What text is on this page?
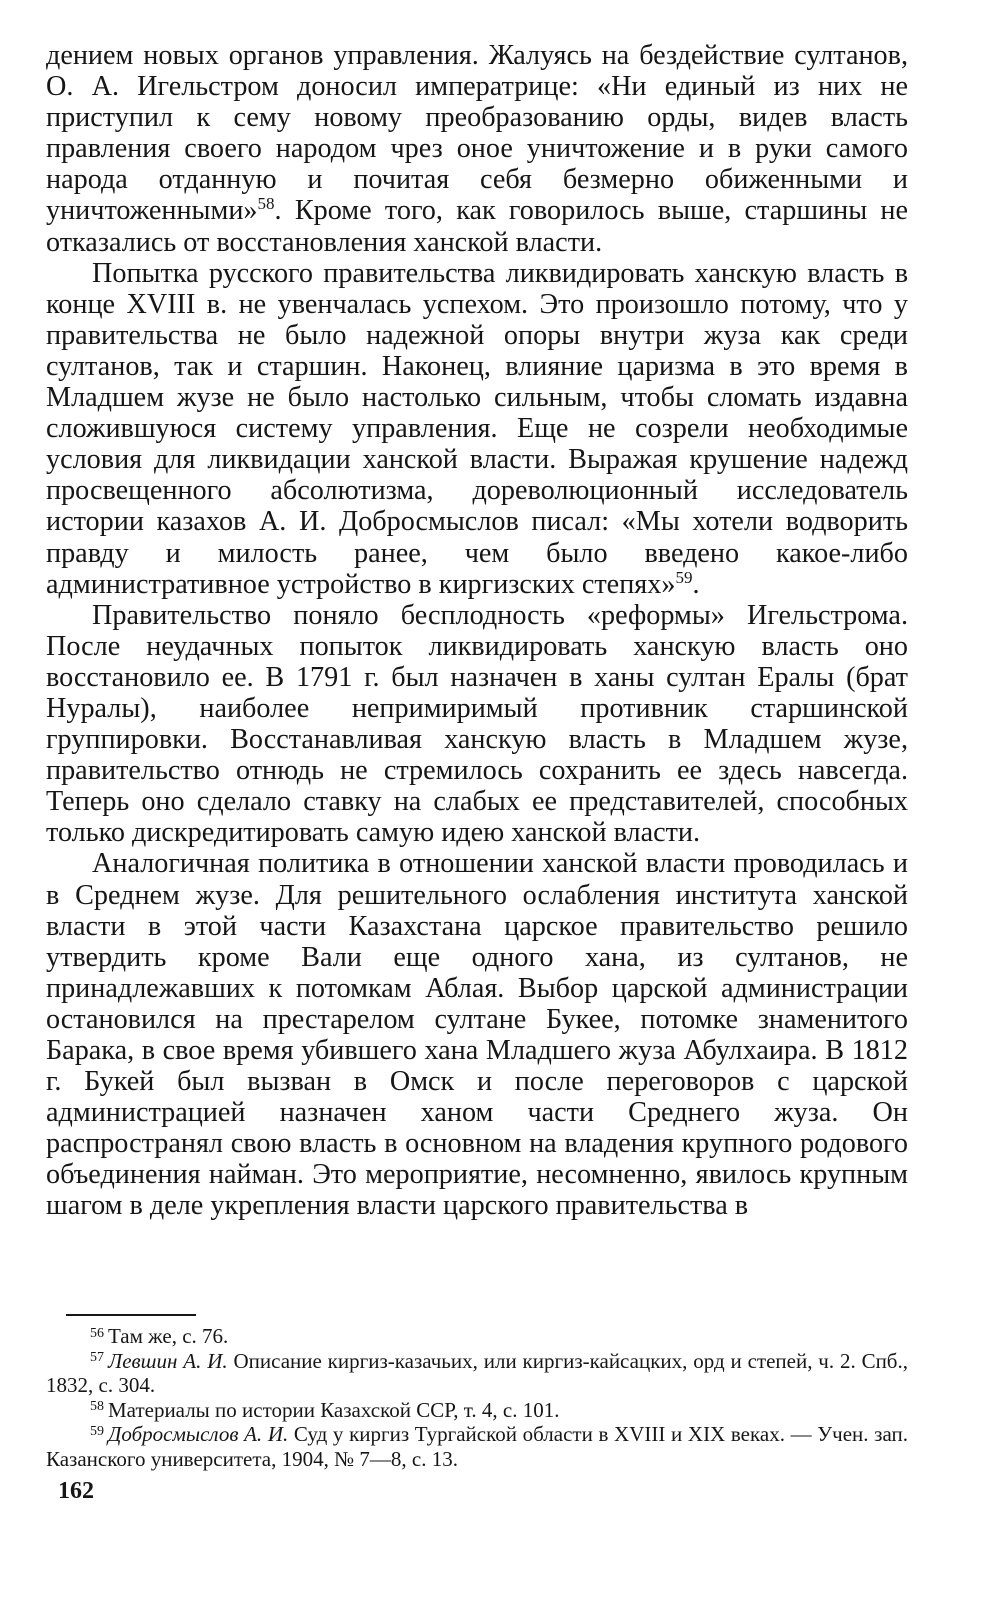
дением новых органов управления. Жалуясь на бездействие султанов, О. А. Игельстром доносил императрице: «Ни единый из них не приступил к сему новому преобразованию орды, видев власть правления своего народом чрез оное уничтожение и в руки самого народа отданную и почитая себя безмерно обиженными и уничтоженными»$^{58}$. Кроме того, как говорилось выше, старшины не отказались от восстановления ханской власти.

Попытка русского правительства ликвидировать ханскую власть в конце XVIII в. не увенчалась успехом. Это произошло потому, что у правительства не было надежной опоры внутри жуза как среди султанов, так и старшин. Наконец, влияние царизма в это время в Младшем жузе не было настолько сильным, чтобы сломать издавна сложившуюся систему управления. Еще не созрели необходимые условия для ликвидации ханской власти. Выражая крушение надежд просвещенного абсолютизма, дореволюционный исследователь истории казахов А. И. Добросмыслов писал: «Мы хотели водворить правду и милость ранее, чем было введено какое-либо административное устройство в киргизских степях»$^{59}$.

Правительство поняло бесплодность «реформы» Игельстрома. После неудачных попыток ликвидировать ханскую власть оно восстановило ее. В 1791 г. был назначен в ханы султан Ералы (брат Нуралы), наиболее непримиримый противник старшинской группировки. Восстанавливая ханскую власть в Младшем жузе, правительство отнюдь не стремилось сохранить ее здесь навсегда. Теперь оно сделало ставку на слабых ее представителей, способных только дискредитировать самую идею ханской власти.

Аналогичная политика в отношении ханской власти проводилась и в Среднем жузе. Для решительного ослабления института ханской власти в этой части Казахстана царское правительство решило утвердить кроме Вали еще одного хана, из султанов, не принадлежавших к потомкам Аблая. Выбор царской администрации остановился на престарелом султане Букее, потомке знаменитого Барака, в свое время убившего хана Младшего жуза Абулхаира. В 1812 г. Букей был вызван в Омск и после переговоров с царской администрацией назначен ханом части Среднего жуза. Он распространял свою власть в основном на владения крупного родового объединения найман. Это мероприятие, несомненно, явилось крупным шагом в деле укрепления власти царского правительства в

$^{56}$ Там же, с. 76.

$^{57}$ Левшин А. И. Описание киргиз-казачьих, или киргиз-кайсацких, орд и степей, ч. 2. Спб., 1832, с. 304.

$^{58}$ Материалы по истории Казахской ССР, т. 4, с. 101.

$^{59}$ Добросмыслов А. И. Суд у киргиз Тургайской области в XVIII и XIX веках. — Учен. зап. Казанского университета, 1904, № 7—8, с. 13.

162
